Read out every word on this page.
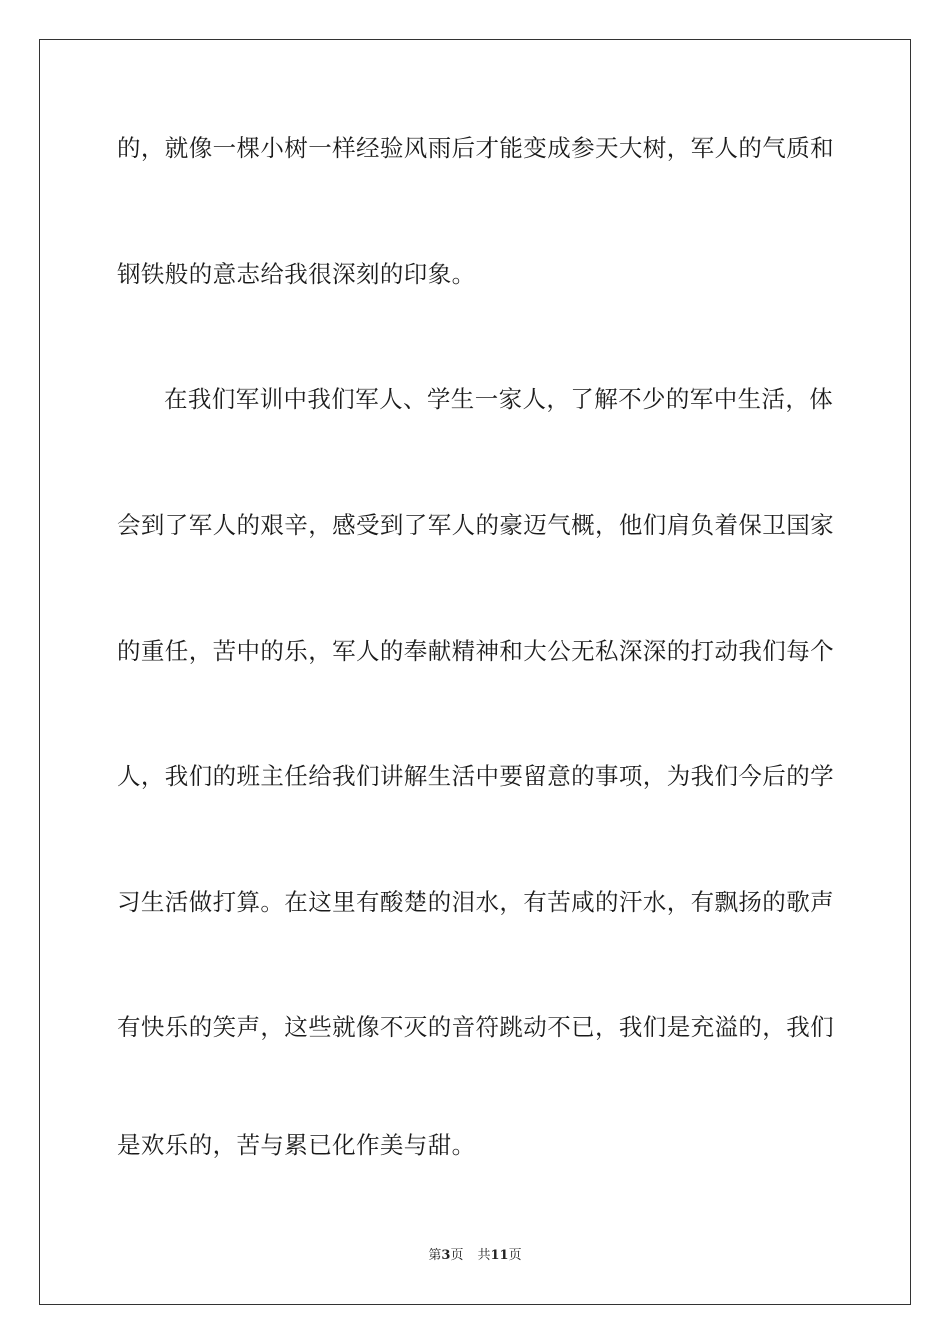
的，就像一棵小树一样经验风雨后才能变成参天大树，军人的气质和
钢铁般的意志给我很深刻的印象。
在我们军训中我们军人、学生一家人，了解不少的军中生活，体
会到了军人的艰辛，感受到了军人的豪迈气概，他们肩负着保卫国家
的重任，苦中的乐，军人的奉献精神和大公无私深深的打动我们每个
人，我们的班主任给我们讲解生活中要留意的事项，为我们今后的学
习生活做打算。在这里有酸楚的泪水，有苦咸的汗水，有飘扬的歌声
有快乐的笑声，这些就像不灭的音符跳动不已，我们是充溢的，我们
是欢乐的，苦与累已化作美与甜。
第3页 共11页
